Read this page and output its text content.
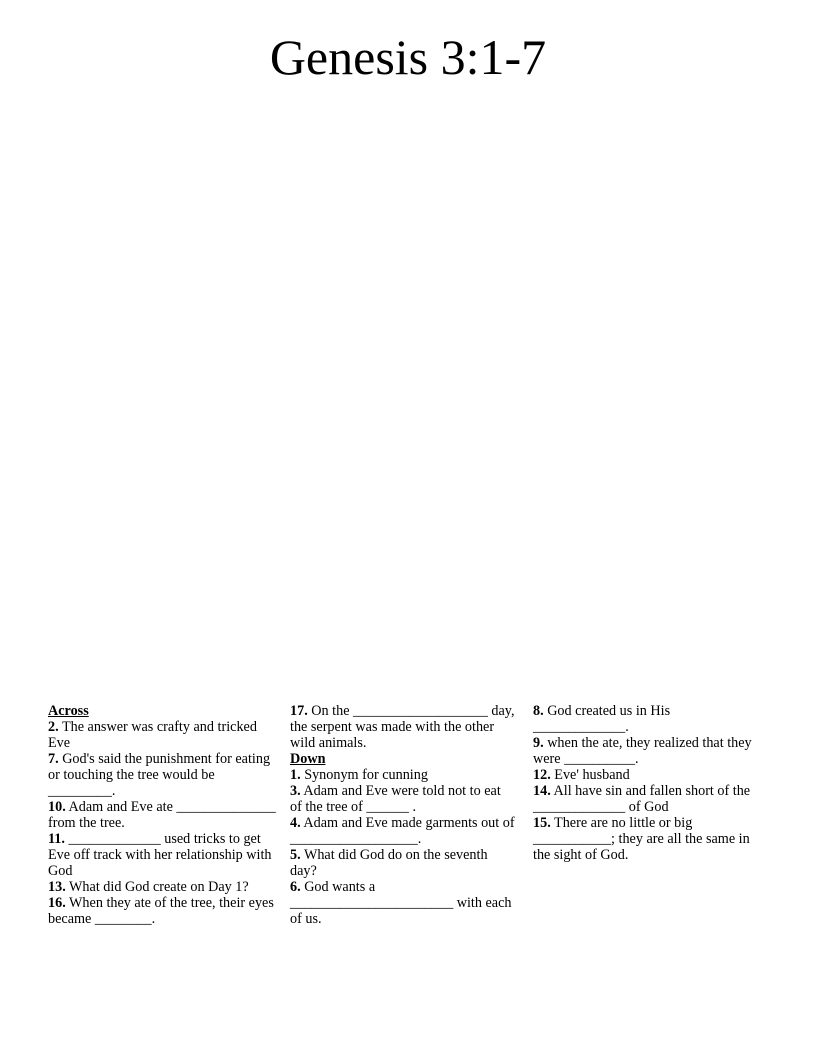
Genesis 3:1-7
Across

2. The answer was crafty and tricked Eve

7. God's said the punishment for eating or touching the tree would be _________.

10. Adam and Eve ate ______________ from the tree.

11. _____________ used tricks to get Eve off track with her relationship with God

13. What did God create on Day 1?

16. When they ate of the tree, their eyes became ________.

17. On the ___________________ day, the serpent was made with the other wild animals.

Down

1. Synonym for cunning

3. Adam and Eve were told not to eat of the tree of ______ .

4. Adam and Eve made garments out of __________________.

5. What did God do on the seventh day?

6. God wants a _______________________ with each of us.

8. God created us in His _____________.

9. when the ate, they realized that they were __________.

12. Eve' husband

14. All have sin and fallen short of the _____________ of God

15. There are no little or big ___________; they are all the same in the sight of God.
